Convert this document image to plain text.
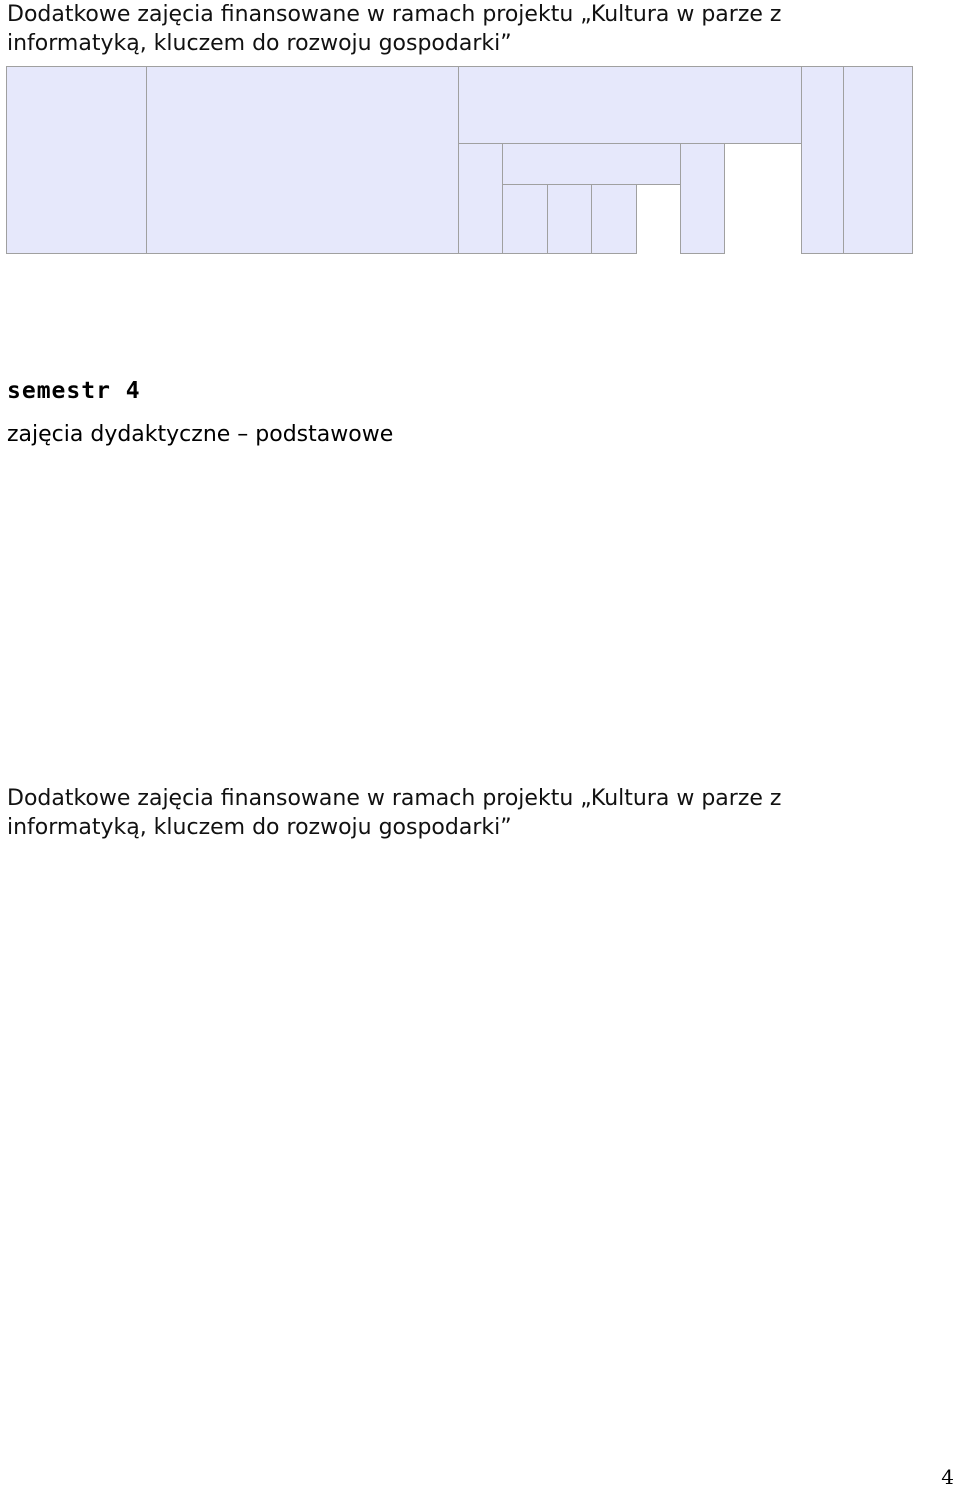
Dodatkowe zajęcia finansowane w ramach projektu „Kultura w parze z informatyką, kluczem do rozwoju gospodarki”
semestr 4
zajęcia dydaktyczne – podstawowe
Dodatkowe zajęcia finansowane w ramach projektu „Kultura w parze z informatyką, kluczem do rozwoju gospodarki”
4
